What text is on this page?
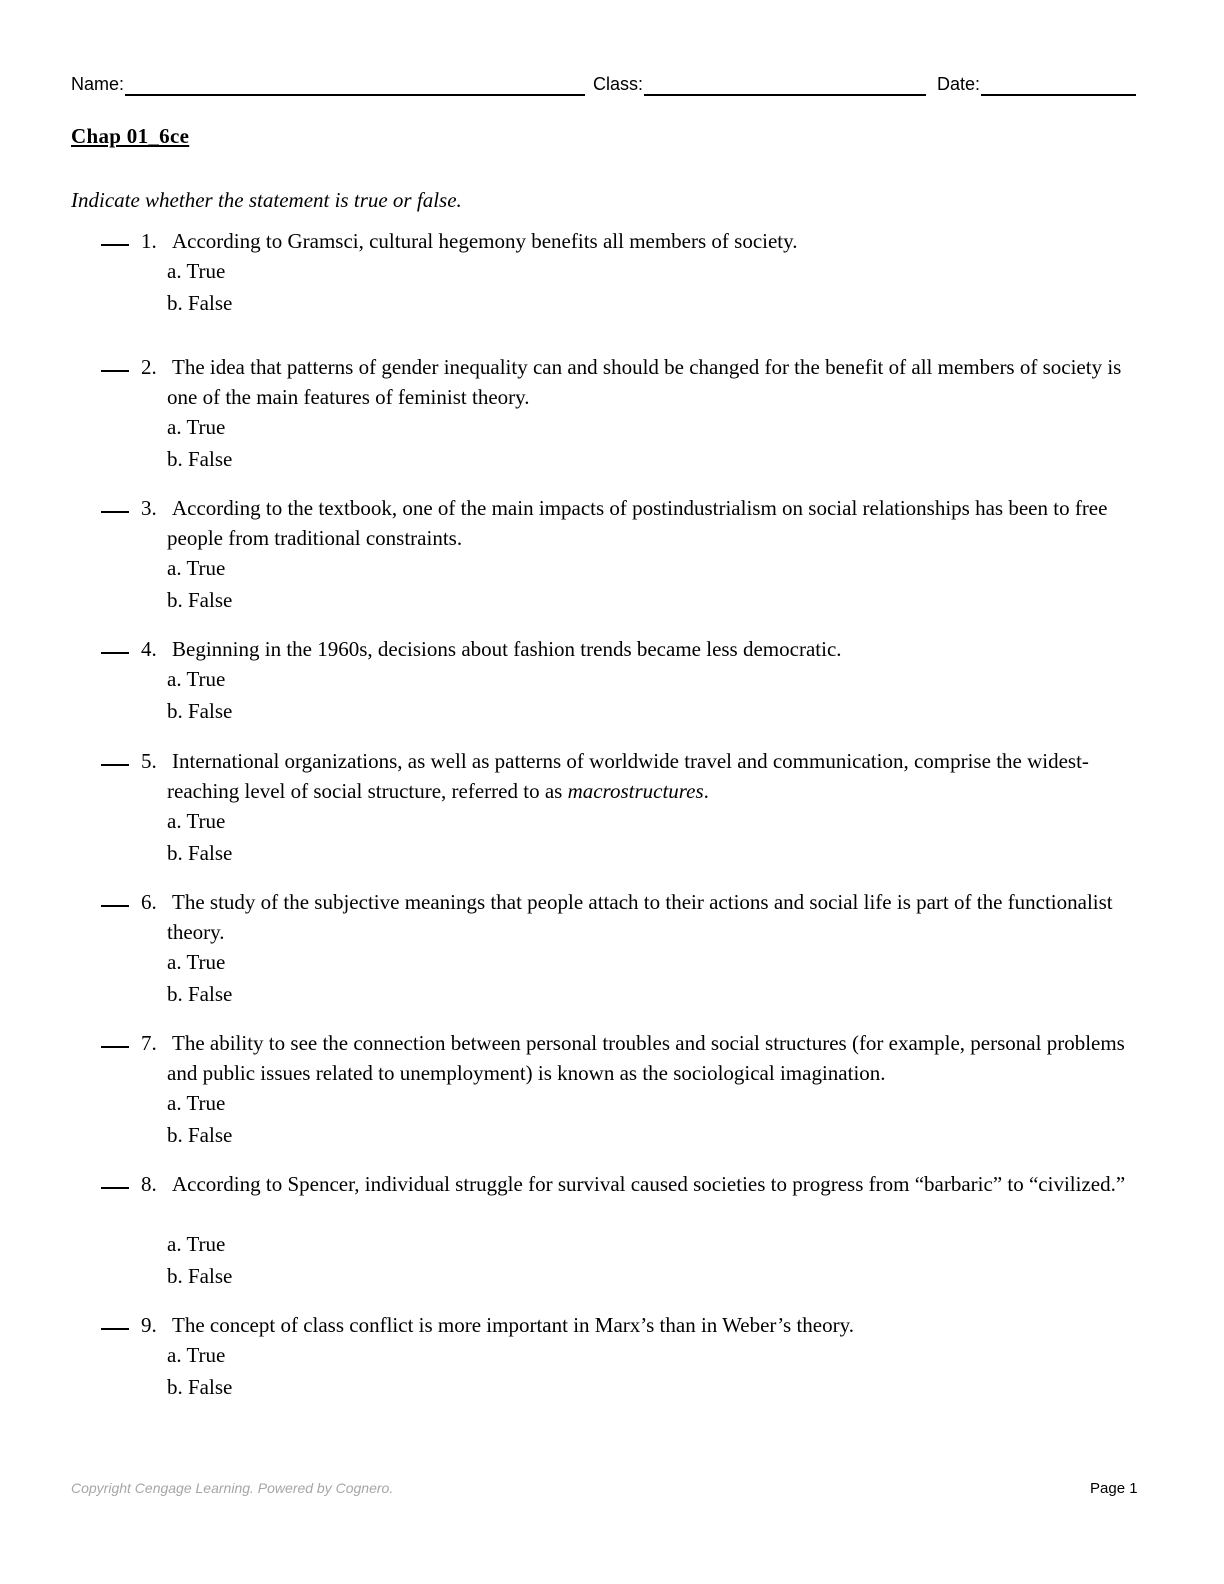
Name:	Class:	Date:
Chap 01_6ce
Indicate whether the statement is true or false.
1. According to Gramsci, cultural hegemony benefits all members of society.
a. True
b. False
2. The idea that patterns of gender inequality can and should be changed for the benefit of all members of society is one of the main features of feminist theory.
a. True
b. False
3. According to the textbook, one of the main impacts of postindustrialism on social relationships has been to free people from traditional constraints.
a. True
b. False
4. Beginning in the 1960s, decisions about fashion trends became less democratic.
a. True
b. False
5. International organizations, as well as patterns of worldwide travel and communication, comprise the widest-reaching level of social structure, referred to as macrostructures.
a. True
b. False
6. The study of the subjective meanings that people attach to their actions and social life is part of the functionalist theory.
a. True
b. False
7. The ability to see the connection between personal troubles and social structures (for example, personal problems and public issues related to unemployment) is known as the sociological imagination.
a. True
b. False
8. According to Spencer, individual struggle for survival caused societies to progress from “barbaric” to “civilized.”
a. True
b. False
9. The concept of class conflict is more important in Marx’s than in Weber’s theory.
a. True
b. False
Copyright Cengage Learning. Powered by Cognero.	Page 1
